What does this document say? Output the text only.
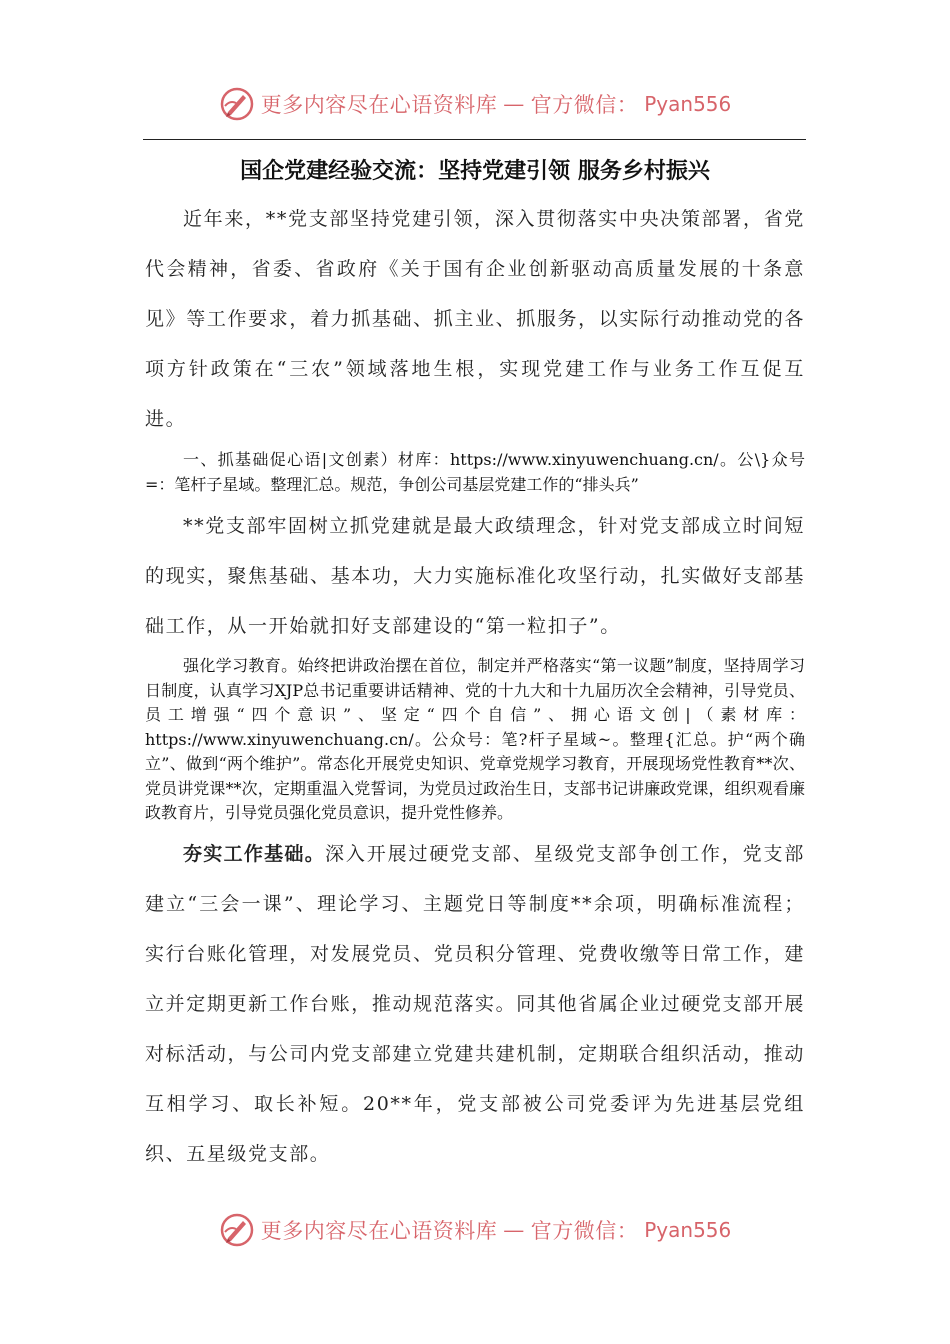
更多内容尽在心语资料库 — 官方微信： Pyan556
国企党建经验交流：坚持党建引领 服务乡村振兴

近年来，**党支部坚持党建引领，深入贯彻落实中央决策部署，省党代会精神，省委、省政府《关于国有企业创新驱动高质量发展的十条意见》等工作要求，着力抓基础、抓主业、抓服务，以实际行动推动党的各项方针政策在“三农”领域落地生根，实现党建工作与业务工作互促互进。

一、抓基础促心语|文创素）材库：https://www.xinyuwenchuang.cn/。公\}众号=：笔杆子星域。整理汇总。规范，争创公司基层党建工作的“排头兵”

**党支部牢固树立抓党建就是最大政绩理念，针对党支部成立时间短的现实，聚焦基础、基本功，大力实施标准化攻坚行动，扎实做好支部基础工作，从一开始就扣好支部建设的“第一粒扣子”。

强化学习教育。始终把讲政治摆在首位，制定并严格落实“第一议题”制度，坚持周学习日制度，认真学习XJP总书记重要讲话精神、党的十九大和十九届历次全会精神，引导党员、员工增强“四个意识”、坚定“四个自信”、拥心语文创|（素材库：https://www.xinyuwenchuang.cn/。公众号：笔?杆子星域~。整理{汇总。护“两个确立”、做到“两个维护”。常态化开展党史知识、党章党规学习教育，开展现场党性教育**次、党员讲党课**次，定期重温入党誓词，为党员过政治生日，支部书记讲廉政党课，组织观看廉政教育片，引导党员强化党员意识，提升党性修养。

夯实工作基础。深入开展过硬党支部、星级党支部争创工作，党支部建立“三会一课”、理论学习、主题党日等制度**余项，明确标准流程；实行台账化管理，对发展党员、党员积分管理、党费收缴等日常工作，建立并定期更新工作台账，推动规范落实。同其他省属企业过硬党支部开展对标活动，与公司内党支部建立党建共建机制，定期联合组织活动，推动互相学习、取长补短。20**年，党支部被公司党委评为先进基层党组织、五星级党支部。

更多内容尽在心语资料库 — 官方微信： Pyan556
